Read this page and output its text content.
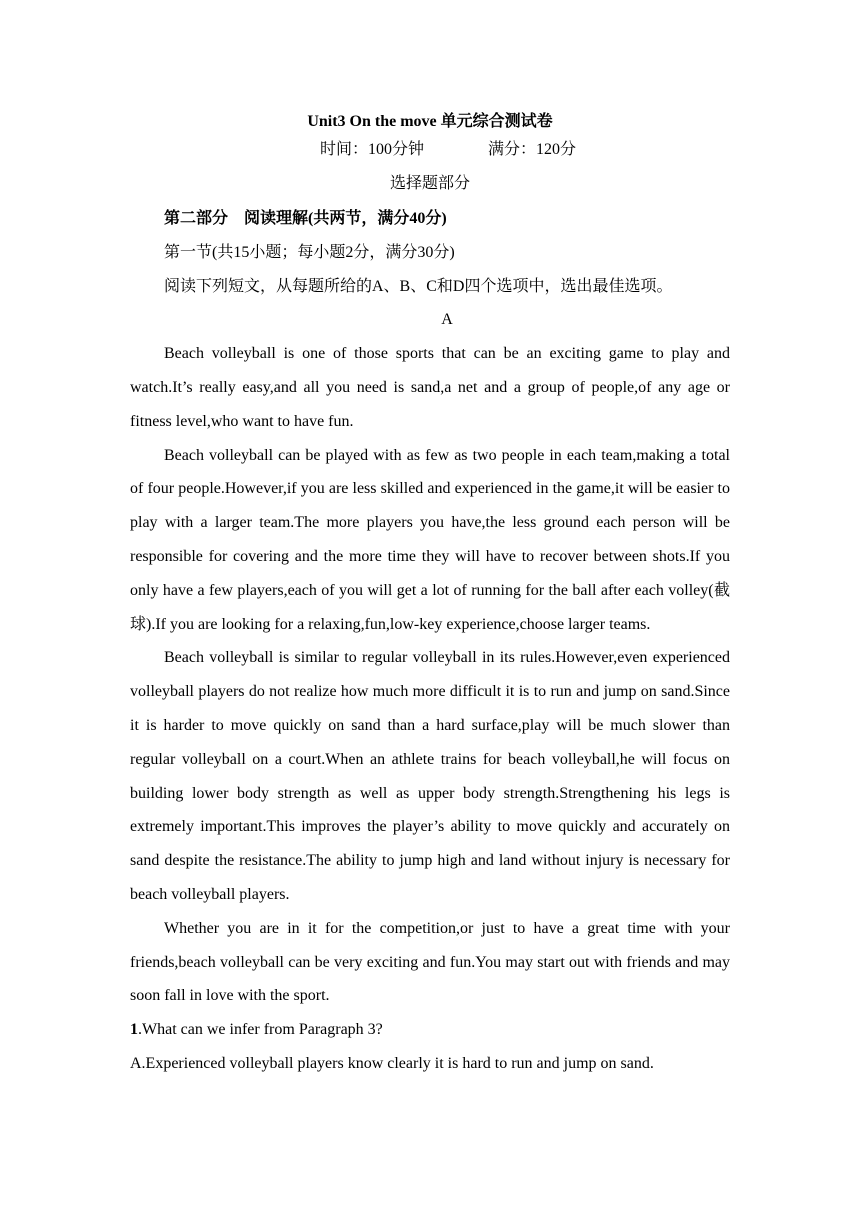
Unit3 On the move 单元综合测试卷

时间：100分钟	满分：120分

选择题部分

第二部分　阅读理解(共两节，满分40分)

第一节(共15小题；每小题2分，满分30分)

阅读下列短文，从每题所给的A、B、C和D四个选项中，选出最佳选项。

A

Beach volleyball is one of those sports that can be an exciting game to play and watch.It’s really easy,and all you need is sand,a net and a group of people,of any age or fitness level,who want to have fun.

Beach volleyball can be played with as few as two people in each team,making a total of four people.However,if you are less skilled and experienced in the game,it will be easier to play with a larger team.The more players you have,the less ground each person will be responsible for covering and the more time they will have to recover between shots.If you only have a few players,each of you will get a lot of running for the ball after each volley(截球).If you are looking for a relaxing,fun,low-key experience,choose larger teams.

Beach volleyball is similar to regular volleyball in its rules.However,even experienced volleyball players do not realize how much more difficult it is to run and jump on sand.Since it is harder to move quickly on sand than a hard surface,play will be much slower than regular volleyball on a court.When an athlete trains for beach volleyball,he will focus on building lower body strength as well as upper body strength.Strengthening his legs is extremely important.This improves the player’s ability to move quickly and accurately on sand despite the resistance.The ability to jump high and land without injury is necessary for beach volleyball players.

Whether you are in it for the competition,or just to have a great time with your friends,beach volleyball can be very exciting and fun.You may start out with friends and may soon fall in love with the sport.

1.What can we infer from Paragraph 3?

A.Experienced volleyball players know clearly it is hard to run and jump on sand.
